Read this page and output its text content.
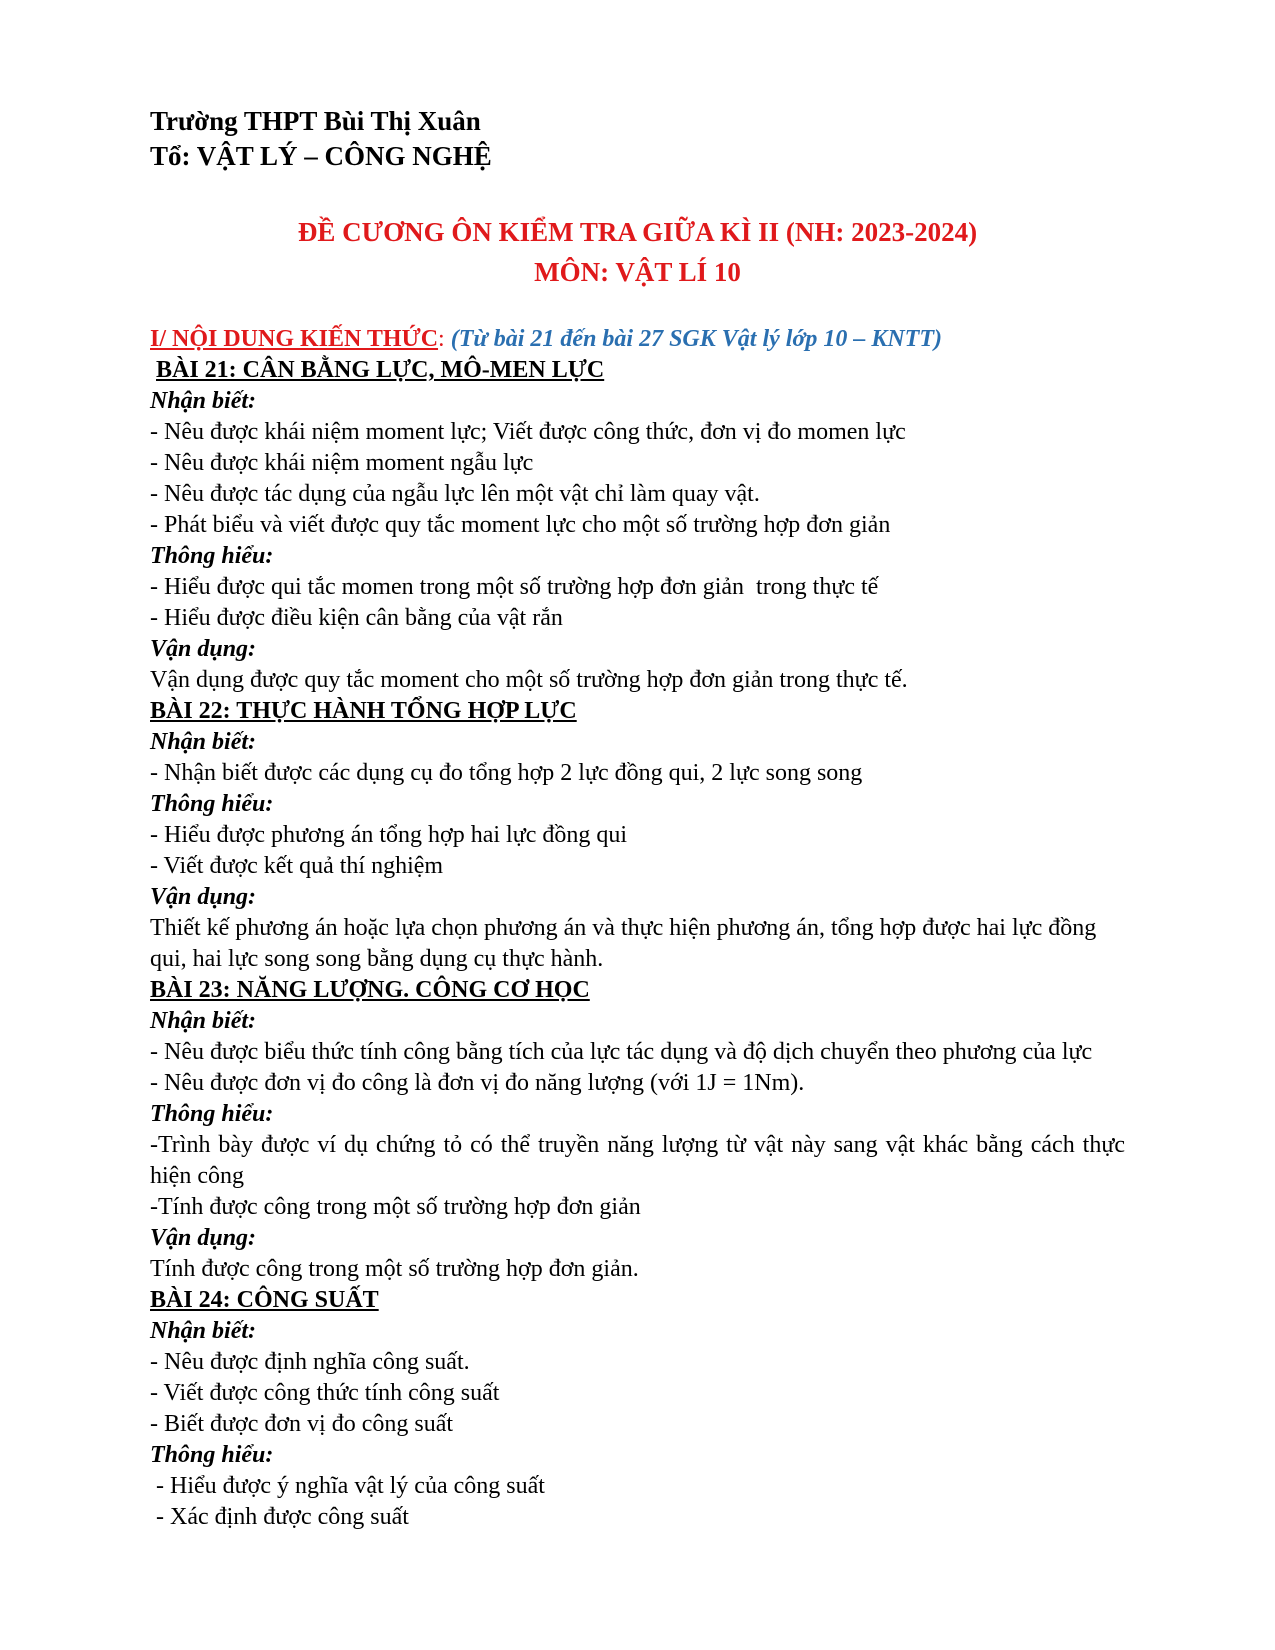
Trường THPT Bùi Thị Xuân
Tổ: VẬT LÝ – CÔNG NGHỆ
ĐỀ CƯƠNG ÔN KIỂM TRA GIỮA KÌ II (NH: 2023-2024)
MÔN: VẬT LÍ 10
I/ NỘI DUNG KIẾN THỨC: (Từ bài 21 đến bài 27 SGK Vật lý lớp 10 – KNTT)
BÀI 21: CÂN BẰNG LỰC, MÔ-MEN LỰC
Nhận biết:
- Nêu được khái niệm moment lực; Viết được công thức, đơn vị đo momen lực
- Nêu được khái niệm moment ngẫu lực
- Nêu được tác dụng của ngẫu lực lên một vật chỉ làm quay vật.
- Phát biểu và viết được quy tắc moment lực cho một số trường hợp đơn giản
Thông hiểu:
- Hiểu được qui tắc momen trong một số trường hợp đơn giản  trong thực tế
- Hiểu được điều kiện cân bằng của vật rắn
Vận dụng:
Vận dụng được quy tắc moment cho một số trường hợp đơn giản trong thực tế.
BÀI 22: THỰC HÀNH TỔNG HỢP LỰC
Nhận biết:
- Nhận biết được các dụng cụ đo tổng hợp 2 lực đồng qui, 2 lực song song
Thông hiểu:
- Hiểu được phương án tổng hợp hai lực đồng qui
- Viết được kết quả thí nghiệm
Vận dụng:
Thiết kế phương án hoặc lựa chọn phương án và thực hiện phương án, tổng hợp được hai lực đồng qui, hai lực song song bằng dụng cụ thực hành.
BÀI 23: NĂNG LƯỢNG. CÔNG CƠ HỌC
Nhận biết:
- Nêu được biểu thức tính công bằng tích của lực tác dụng và độ dịch chuyển theo phương của lực
- Nêu được đơn vị đo công là đơn vị đo năng lượng (với 1J = 1Nm).
Thông hiểu:
-Trình bày được ví dụ chứng tỏ có thể truyền năng lượng từ vật này sang vật khác bằng cách thực hiện công
-Tính được công trong một số trường hợp đơn giản
Vận dụng:
Tính được công trong một số trường hợp đơn giản.
BÀI 24: CÔNG SUẤT
Nhận biết:
- Nêu được định nghĩa công suất.
- Viết được công thức tính công suất
- Biết được đơn vị đo công suất
Thông hiểu:
- Hiểu được ý nghĩa vật lý của công suất
- Xác định được công suất
